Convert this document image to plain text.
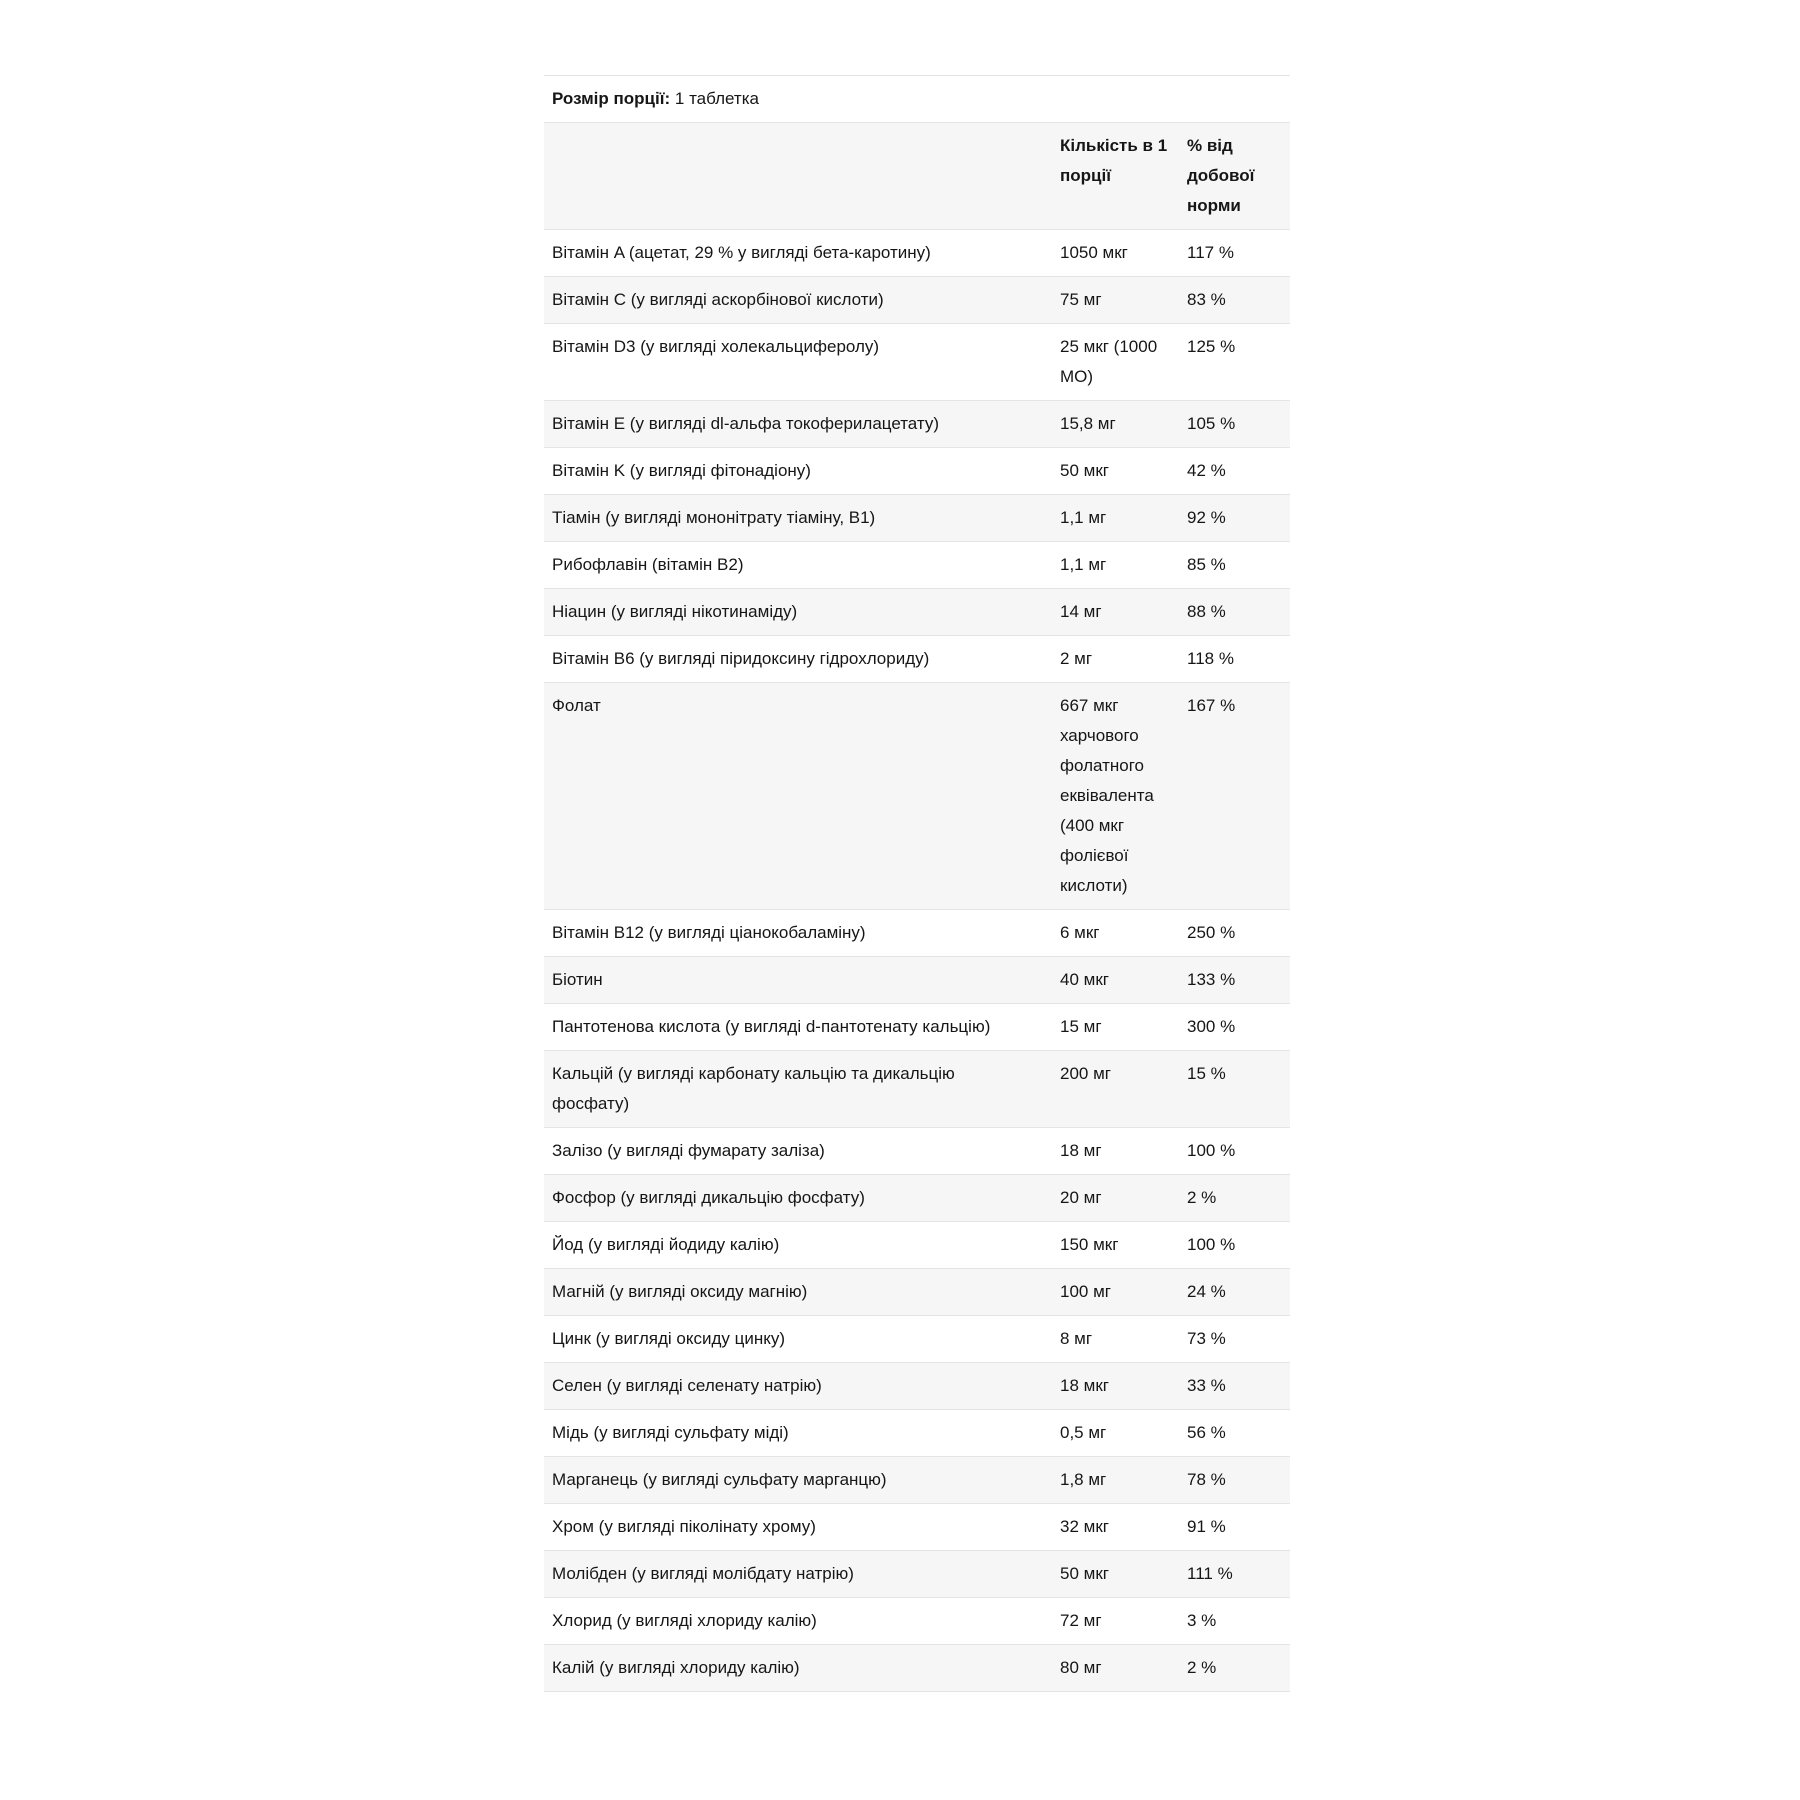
Розмір порції: 1 таблетка
	Кількість в 1 порції	% від добової норми
Вітамін A (ацетат, 29 % у вигляді бета-каротину)	1050 мкг	117 %
Вітамін C (у вигляді аскорбінової кислоти)	75 мг	83 %
Вітамін D3 (у вигляді холекальциферолу)	25 мкг (1000 МО)	125 %
Вітамін E (у вигляді dl-альфа токоферилацетату)	15,8 мг	105 %
Вітамін K (у вигляді фітонадіону)	50 мкг	42 %
Тіамін (у вигляді мононітрату тіаміну, B1)	1,1 мг	92 %
Рибофлавін (вітамін B2)	1,1 мг	85 %
Ніацин (у вигляді нікотинаміду)	14 мг	88 %
Вітамін B6 (у вигляді піридоксину гідрохлориду)	2 мг	118 %
Фолат	667 мкг харчового фолатного еквівалента (400 мкг фолієвої кислоти)	167 %
Вітамін B12 (у вигляді ціанокобаламіну)	6 мкг	250 %
Біотин	40 мкг	133 %
Пантотенова кислота (у вигляді d-пантотенату кальцію)	15 мг	300 %
Кальцій (у вигляді карбонату кальцію та дикальцію фосфату)	200 мг	15 %
Залізо (у вигляді фумарату заліза)	18 мг	100 %
Фосфор (у вигляді дикальцію фосфату)	20 мг	2 %
Йод (у вигляді йодиду калію)	150 мкг	100 %
Магній (у вигляді оксиду магнію)	100 мг	24 %
Цинк (у вигляді оксиду цинку)	8 мг	73 %
Селен (у вигляді селенату натрію)	18 мкг	33 %
Мідь (у вигляді сульфату міді)	0,5 мг	56 %
Марганець (у вигляді сульфату марганцю)	1,8 мг	78 %
Хром (у вигляді піколінату хрому)	32 мкг	91 %
Молібден (у вигляді молібдату натрію)	50 мкг	111 %
Хлорид (у вигляді хлориду калію)	72 мг	3 %
Калій (у вигляді хлориду калію)	80 мг	2 %
